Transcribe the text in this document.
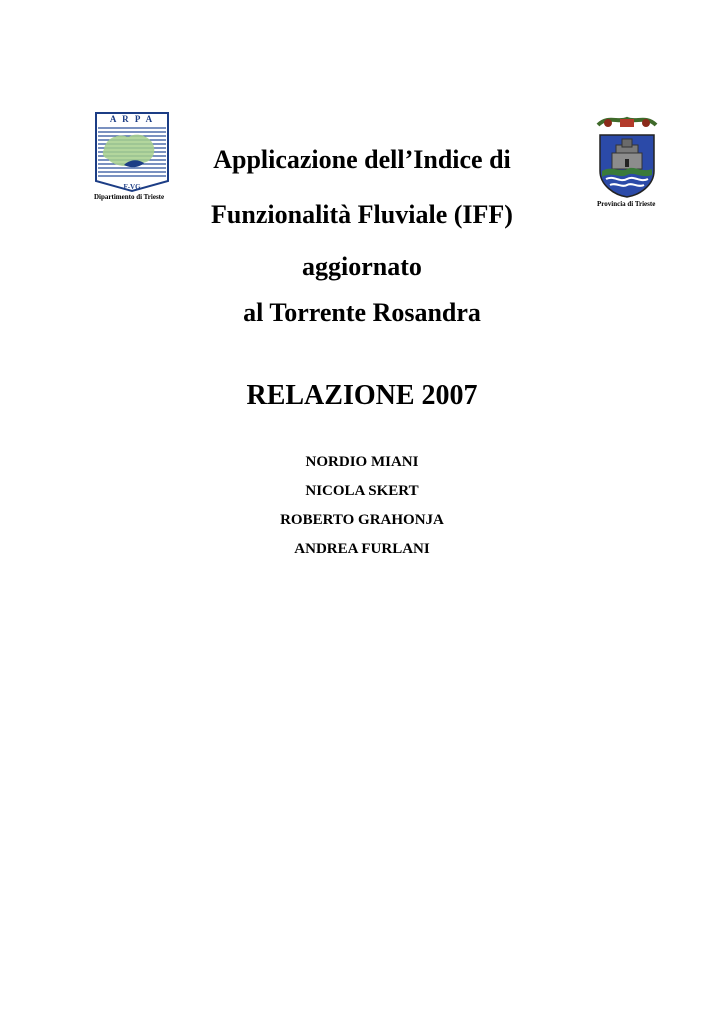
A R P A
F-VG
Dipartimento di Trieste
Provincia di Trieste
Applicazione dell’Indice di
Funzionalità Fluviale (IFF)
aggiornato
al Torrente Rosandra
RELAZIONE 2007
NORDIO MIANI
NICOLA SKERT
ROBERTO GRAHONJA
ANDREA FURLANI
